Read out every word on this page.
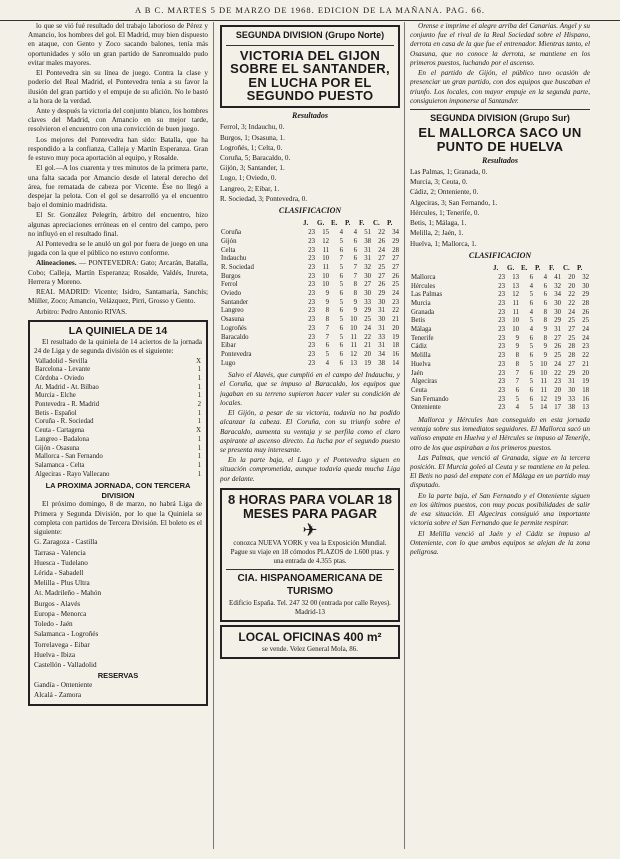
A B C. MARTES 5 DE MARZO DE 1968. EDICION DE LA MAÑANA. PAG. 66.

lo que se vió fué resultado del trabajo laborioso de Pérez y Amancio, los hombres del gol. El Madrid, muy bien dispuesto en ataque, con Gento y Zoco sacando balones, tenía más oportunidades y sólo un gran partido de Sanromualdo pudo evitar males mayores.

El Pontevedra sin su línea de juego. Contra la clase y poderío del Real Madrid, el Pontevedra tenía a su favor la ilusión del gran partido y el empuje de su afición. No le bastó a la hora de la verdad.

Ante y después la victoria del conjunto blanco, los hombres claves del Madrid, con Amancio en su mejor tarde, resolvieron el encuentro con una convicción de buen juego.

Los mejores del Pontevedra han sido: Batalla, que ha respondido a la confianza, Calleja y Martín Esperanza. Gran fe estuvo muy poca aportación al equipo, y Rosalde.

El gol.—A los cuarenta y tres minutos de la primera parte, una falta sacada por Amancio desde el lateral derecho del área, fue rematada de cabeza por Vicente. Ése no llegó a despejar la pelota. Con el gol se desarrolló ya el encuentro bajo el dominio madridista.

El Sr. González Pelegrín, árbitro del encuentro, hizo algunas apreciaciones erróneas en el centro del campo, pero no influyó en el resultado final.

Al Pontevedra se le anuló un gol por fuera de juego en una jugada con la que el público no estuvo conforme.

Alineaciones. — PONTEVEDRA: Gato; Arcarán, Batalla, Cobo; Calleja, Martín Esperanza; Rosalde, Valdés, Irureta, Herrera y Moreno.

REAL MADRID: Vicente; Isidro, Santamaría, Sanchís; Müller, Zoco; Amancio, Velázquez, Pirri, Grosso y Gento.

Arbitro: Pedro Antonio RIVAS.

LA QUINIELA DE 14

El resultado de la quiniela de 14 aciertos de la jornada 24 de Liga y de segunda división es el siguiente:

Valladolid - Sevilla	X
Barcelona - Levante	1
Córdoba - Oviedo	1
At. Madrid - At. Bilbao	1
Murcia - Elche	1
Pontevedra - R. Madrid	2
Betis - Español	1
Coruña - R. Sociedad	1
Ceuta - Cartagena	X
Langreo - Badalona	1
Gijón - Osasuna	1
Mallorca - San Fernando	1
Salamanca - Celta	1
Algeciras - Rayo Vallecano	1
LA PROXIMA JORNADA, CON TERCERA DIVISION

El próximo domingo, 8 de marzo, no habrá Liga de Primera y Segunda División, por lo que la Quiniela se completa con partidos de Tercera División. El boleto es el siguiente:

G. Zaragoza - Castilla

Tarrasa - Valencia

Huesca - Tudelano

Lérida - Sabadell

Melilla - Plus Ultra

At. Madrileño - Mahón

Burgos - Alavés

Europa - Menorca

Toledo - Jaén

Salamanca - Logroñés

Torrelavega - Eibar

Huelva - Ibiza

Castellón - Valladolid

RESERVAS

Gandía - Onteniente

Alcalá - Zamora

SEGUNDA DIVISION (Grupo Norte)
VICTORIA DEL GIJON SOBRE EL SANTANDER, EN LUCHA POR EL SEGUNDO PUESTO
Resultados

Ferrol, 3; Indauchu, 0.

Burgos, 1; Osasuna, 1.

Logroñés, 1; Celta, 0.

Coruña, 5; Baracaldo, 0.

Gijón, 3; Santander, 1.

Lugo, 1; Oviedo, 0.

Langreo, 2; Eibar, 1.

R. Sociedad, 3; Pontevedra, 0.

CLASIFICACION
	J.	G.	E.	P.	F.	C.	P.
Coruña	23	15	4	4	51	22	34
Gijón	23	12	5	6	38	26	29
Celta	23	11	6	6	31	24	28
Indauchu	23	10	7	6	31	27	27
R. Sociedad	23	11	5	7	32	25	27
Burgos	23	10	6	7	30	27	26
Ferrol	23	10	5	8	27	26	25
Oviedo	23	9	6	8	30	29	24
Santander	23	9	5	9	33	30	23
Langreo	23	8	6	9	29	31	22
Osasuna	23	8	5	10	25	30	21
Logroñés	23	7	6	10	24	31	20
Baracaldo	23	7	5	11	22	33	19
Eibar	23	6	6	11	21	31	18
Pontevedra	23	5	6	12	20	34	16
Lugo	23	4	6	13	19	38	14

Salvo el Alavés, que cumplió en el campo del Indauchu, y el Coruña, que se impuso al Baracaldo, los equipos que jugaban en su terreno supieron hacer valer su condición de locales.

El Gijón, a pesar de su victoria, todavía no ha podido alcanzar la cabeza. El Coruña, con su triunfo sobre el Baracaldo, aumenta su ventaja y se perfila como el claro aspirante al ascenso directo. La lucha por el segundo puesto se presenta muy interesante.

En la parte baja, el Lugo y el Pontevedra siguen en situación comprometida, aunque todavía queda mucha Liga por delante.

8 HORAS PARA VOLAR 18 MESES PARA PAGAR
✈
conozca NUEVA YORK y vea la Exposición Mundial. Pague su viaje en 18 cómodos PLAZOS de 1.600 ptas. y una entrada de 4.355 ptas.
CIA. HISPANOAMERICANA DE TURISMO
Edificio España. Tel. 247 32 00 (entrada por calle Reyes). Madrid-13
LOCAL OFICINAS 400 m²
se vende. Velez General Mola, 86.

Orense e imprime el alegre arriba del Canarias. Angel y su conjunto fue el rival de la Real Sociedad sobre el Hispano, derrota en casa de la que fue el entrenador. Mientras tanto, el Osasuna, que no conoce la derrota, se mantiene en los primeros puestos, luchando por el ascenso.

En el partido de Gijón, el público tuvo ocasión de presenciar un gran partido, con dos equipos que buscaban el triunfo. Los locales, con mayor empuje en la segunda parte, consiguieron imponerse al Santander.

SEGUNDA DIVISION (Grupo Sur)
EL MALLORCA SACO UN PUNTO DE HUELVA
Resultados

Las Palmas, 1; Granada, 0.

Murcia, 3; Ceuta, 0.

Cádiz, 2; Onteniente, 0.

Algeciras, 3; San Fernando, 1.

Hércules, 1; Tenerife, 0.

Betis, 1; Málaga, 1.

Melilla, 2; Jaén, 1.

Huelva, 1; Mallorca, 1.

CLASIFICACION
	J.	G.	E.	P.	F.	C.	P.
Mallorca	23	13	6	4	41	20	32
Hércules	23	13	4	6	32	20	30
Las Palmas	23	12	5	6	34	22	29
Murcia	23	11	6	6	30	22	28
Granada	23	11	4	8	30	24	26
Betis	23	10	5	8	29	25	25
Málaga	23	10	4	9	31	27	24
Tenerife	23	9	6	8	27	25	24
Cádiz	23	9	5	9	26	28	23
Melilla	23	8	6	9	25	28	22
Huelva	23	8	5	10	24	27	21
Jaén	23	7	6	10	22	29	20
Algeciras	23	7	5	11	23	31	19
Ceuta	23	6	6	11	20	30	18
San Fernando	23	5	6	12	19	33	16
Onteniente	23	4	5	14	17	38	13

Mallorca y Hércules han conseguido en esta jornada ventaja sobre sus inmediatos seguidores. El Mallorca sacó un valioso empate en Huelva y el Hércules se impuso al Tenerife, otro de los que aspiraban a los primeros puestos.

Las Palmas, que venció al Granada, sigue en la tercera posición. El Murcia goleó al Ceuta y se mantiene en la pelea. El Betis no pasó del empate con el Málaga en un partido muy disputado.

En la parte baja, el San Fernando y el Onteniente siguen en los últimos puestos, con muy pocas posibilidades de salir de esa situación. El Algeciras consiguió una importante victoria sobre el San Fernando que le permite respirar.

El Melilla venció al Jaén y el Cádiz se impuso al Onteniente, con lo que ambos equipos se alejan de la zona peligrosa.
